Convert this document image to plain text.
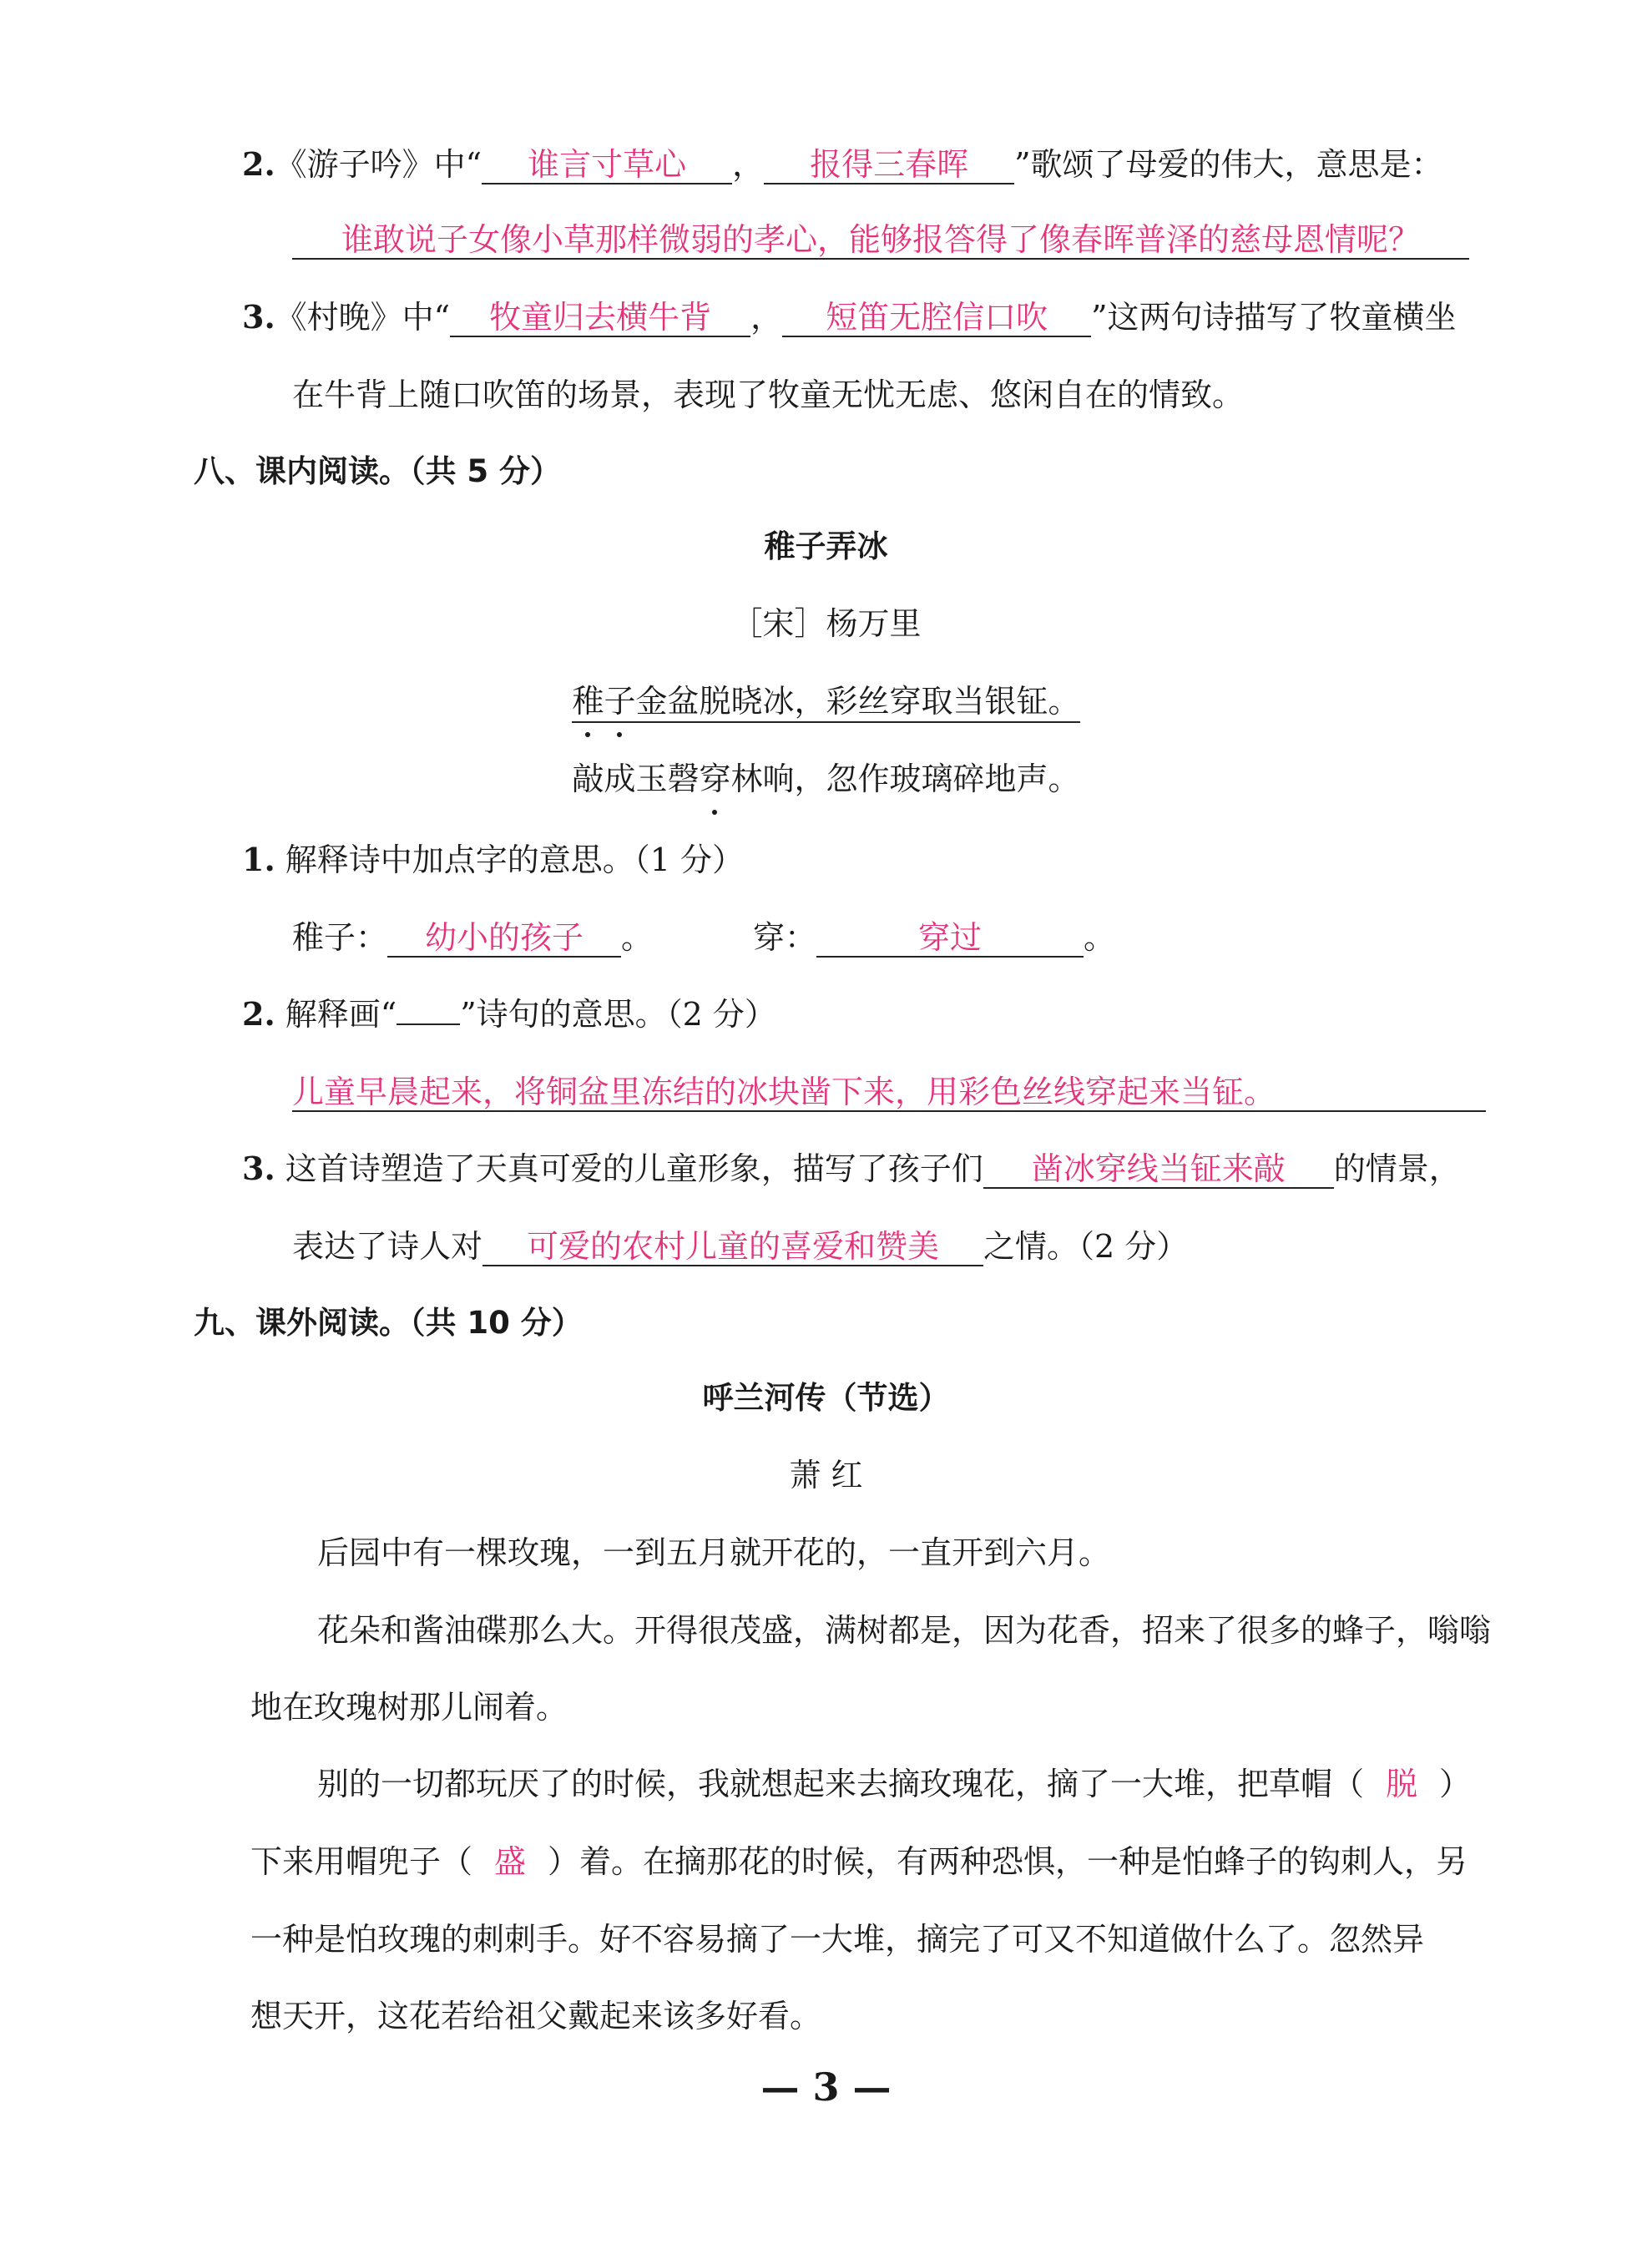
2.《游子吟》中“ 谁言寸草心 ， 报得三春晖 ”歌颂了母爱的伟大，意思是：
谁敢说子女像小草那样微弱的孝心，能够报答得了像春晖普泽的慈母恩情呢？
3.《村晚》中“ 牧童归去横牛背 ， 短笛无腔信口吹 ”这两句诗描写了牧童横坐
在牛背上随口吹笛的场景，表现了牧童无忧无虑、悠闲自在的情致。
八、课内阅读。（共 5 分）
稚子弄冰
［宋］杨万里
稚子金盆脱晓冰，彩丝穿取当银钲。
敲成玉磬穿林响，忽作玻璃碎地声。
1. 解释诗中加点字的意思。（1 分）
稚子： 幼小的孩子 。	穿：	穿过	。
2. 解释画“ ”诗句的意思。（2 分）
儿童早晨起来，将铜盆里冻结的冰块凿下来，用彩色丝线穿起来当钲。
3. 这首诗塑造了天真可爱的儿童形象，描写了孩子们 凿冰穿线当钲来敲 的情景，
表达了诗人对 可爱的农村儿童的喜爱和赞美 之情。（2 分）
九、课外阅读。（共 10 分）
呼兰河传（节选）
萧 红
后园中有一棵玫瑰，一到五月就开花的，一直开到六月。
花朵和酱油碟那么大。开得很茂盛，满树都是，因为花香，招来了很多的蜂子，嗡嗡
地在玫瑰树那儿闹着。
别的一切都玩厌了的时候，我就想起来去摘玫瑰花，摘了一大堆，把草帽（ 脱 ）
下来用帽兜子（ 盛 ）着。在摘那花的时候，有两种恐惧，一种是怕蜂子的钩刺人，另
一种是怕玫瑰的刺刺手。好不容易摘了一大堆，摘完了可又不知道做什么了。忽然异
想天开，这花若给祖父戴起来该多好看。
— 3 —
